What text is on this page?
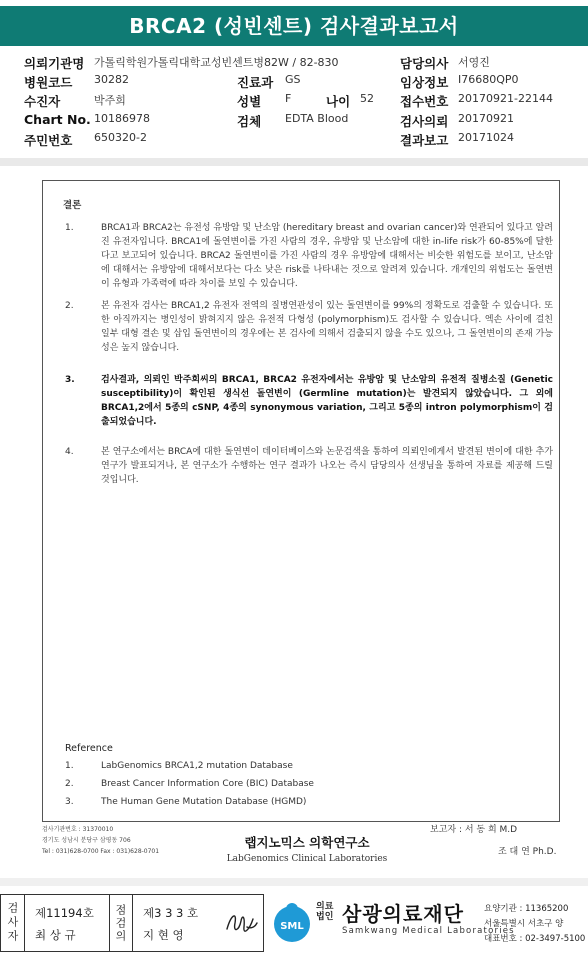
BRCA2 (성빈센트) 검사결과보고서
의뢰기관명 가톨릭학원가톨릭대학교성빈센트병82W / 82-830	담당의사 서영진
병원코드 30282	진료과 GS	임상정보 I76680QP0
수진자	박주희	성별 F	나이 52 접수번호 20170921-22144
Chart No. 10186978	검체 EDTA Blood	검사의뢰 20170921
주민번호 650320-2	결과보고 20171024
결론
1.	BRCA1과 BRCA2는 유전성 유방암 및 난소암 (hereditary breast and ovarian cancer)와 연관되어 있다고 알려진 유전자입니다. BRCA1에 돌연변이를 가진 사람의 경우, 유방암 및 난소암에 대한 in-life risk가 60-85%에 달한다고 보고되어 있습니다. BRCA2 돌연변이를 가진 사람의 경우 유방암에 대해서는 비슷한 위험도를 보이고, 난소암에 대해서는 유방암에 대해서보다는 다소 낮은 risk를 나타내는 것으로 알려져 있습니다. 개개인의 위험도는 돌연변이 유형과 가족력에 따라 차이를 보일 수 있습니다.

2.	본 유전자 검사는 BRCA1,2 유전자 전역의 질병연관성이 있는 돌연변이를 99%의 정확도로 검출할 수 있습니다. 또한 아직까지는 병인성이 밝혀지지 않은 유전적 다형성 (polymorphism)도 검사할 수 있습니다. 엑손 사이에 걸친 일부 대형 결손 및 삽입 돌연변이의 경우에는 본 검사에 의해서 검출되지 않을 수도 있으나, 그 돌연변이의 존재 가능성은 높지 않습니다.

3.	검사결과, 의뢰인 박주희씨의 BRCA1, BRCA2 유전자에서는 유방암 및 난소암의 유전적 질병소질 (Genetic susceptibility)이 확인된 생식선 돌연변이 (Germline mutation)는 발견되지 않았습니다. 그 외에 BRCA1,2에서 5종의 cSNP, 4종의 synonymous variation, 그리고 5종의 intron polymorphism이 검출되었습니다.

4.	본 연구소에서는 BRCA에 대한 돌연변이 데이터베이스와 논문검색을 통하여 의뢰인에게서 발견된 변이에 대한 추가 연구가 발표되거나, 본 연구소가 수행하는 연구 결과가 나오는 즉시 담당의사 선생님을 통하여 자료를 제공해 드릴 것입니다.

Reference
1.	LabGenomics BRCA1,2 mutation Database
2.	Breast Cancer Information Core (BIC) Database
3.	The Human Gene Mutation Database (HGMD)
검사기관번호 : 31370010
경기도 성남시 분당구 삼평동 706
Tel : 031)628-0700 Fax : 031)628-0701
랩지노믹스 의학연구소
LabGenomics Clinical Laboratories
보고자 : 서 동 희 M.D
조 대 연 Ph.D.
검사자 제11194호
최 상 규	점검의 제3 3 3 호
지 현 영
SML
의료법인 삼광의료재단
Samkwang Medical Laboratories
요양기관 : 11365200
서울특별시 서초구 양
대표번호 : 02-3497-5100
